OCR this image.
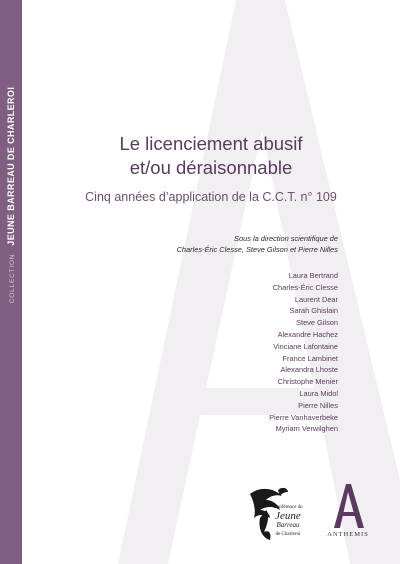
COLLECTIONJEUNE BARREAU DE CHARLEROI	Le licenciement abusif
et/ou déraisonnable
Cinq années d’application de la C.C.T. n° 109
Sous la direction scientifique de
Charles-Éric Clesse, Steve Gilson et Pierre Nilles
Laura Bertrand
Charles-Éric Clesse
Laurent Dear
Sarah Ghislain
Steve Gilson
Alexandre Hachez
Vinciane Lafontaine
France Lambinet
Alexandra Lhoste
Christophe Menier
Laura Midol
Pierre Nilles
Pierre Vanhaverbeke
Myriam Verwilghen
Conférence du
Jeune
Barreau
de Charleroi	ANTHEMIS
